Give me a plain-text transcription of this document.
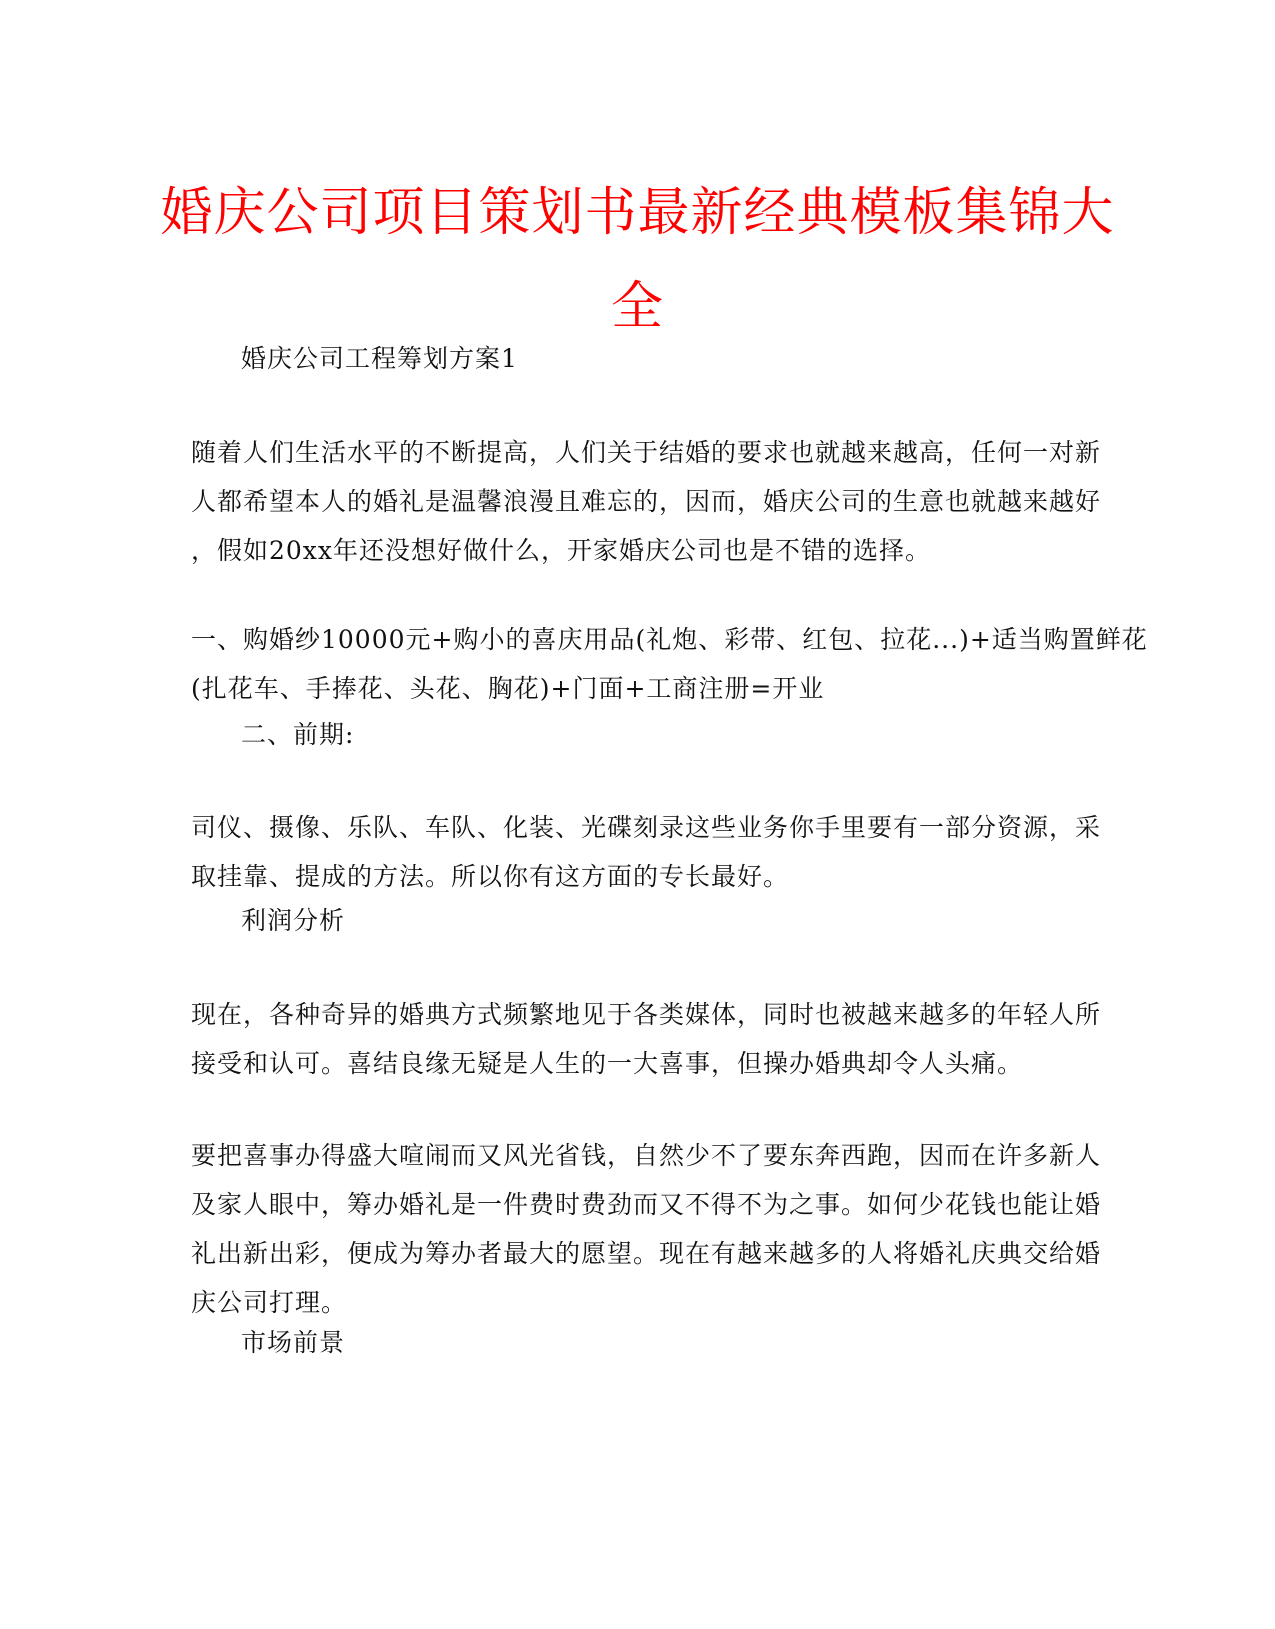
婚庆公司项目策划书最新经典模板集锦大
全

婚庆公司工程筹划方案1

随着人们生活水平的不断提高，人们关于结婚的要求也就越来越高，任何一对新
人都希望本人的婚礼是温馨浪漫且难忘的，因而，婚庆公司的生意也就越来越好
，假如20xx年还没想好做什么，开家婚庆公司也是不错的选择。

一、购婚纱10000元+购小的喜庆用品(礼炮、彩带、红包、拉花...)+适当购置鲜花
(扎花车、手捧花、头花、胸花)+门面+工商注册=开业

二、前期:

司仪、摄像、乐队、车队、化装、光碟刻录这些业务你手里要有一部分资源，采
取挂靠、提成的方法。所以你有这方面的专长最好。

利润分析

现在，各种奇异的婚典方式频繁地见于各类媒体，同时也被越来越多的年轻人所
接受和认可。喜结良缘无疑是人生的一大喜事，但操办婚典却令人头痛。

要把喜事办得盛大喧闹而又风光省钱，自然少不了要东奔西跑，因而在许多新人
及家人眼中，筹办婚礼是一件费时费劲而又不得不为之事。如何少花钱也能让婚
礼出新出彩，便成为筹办者最大的愿望。现在有越来越多的人将婚礼庆典交给婚
庆公司打理。

市场前景
